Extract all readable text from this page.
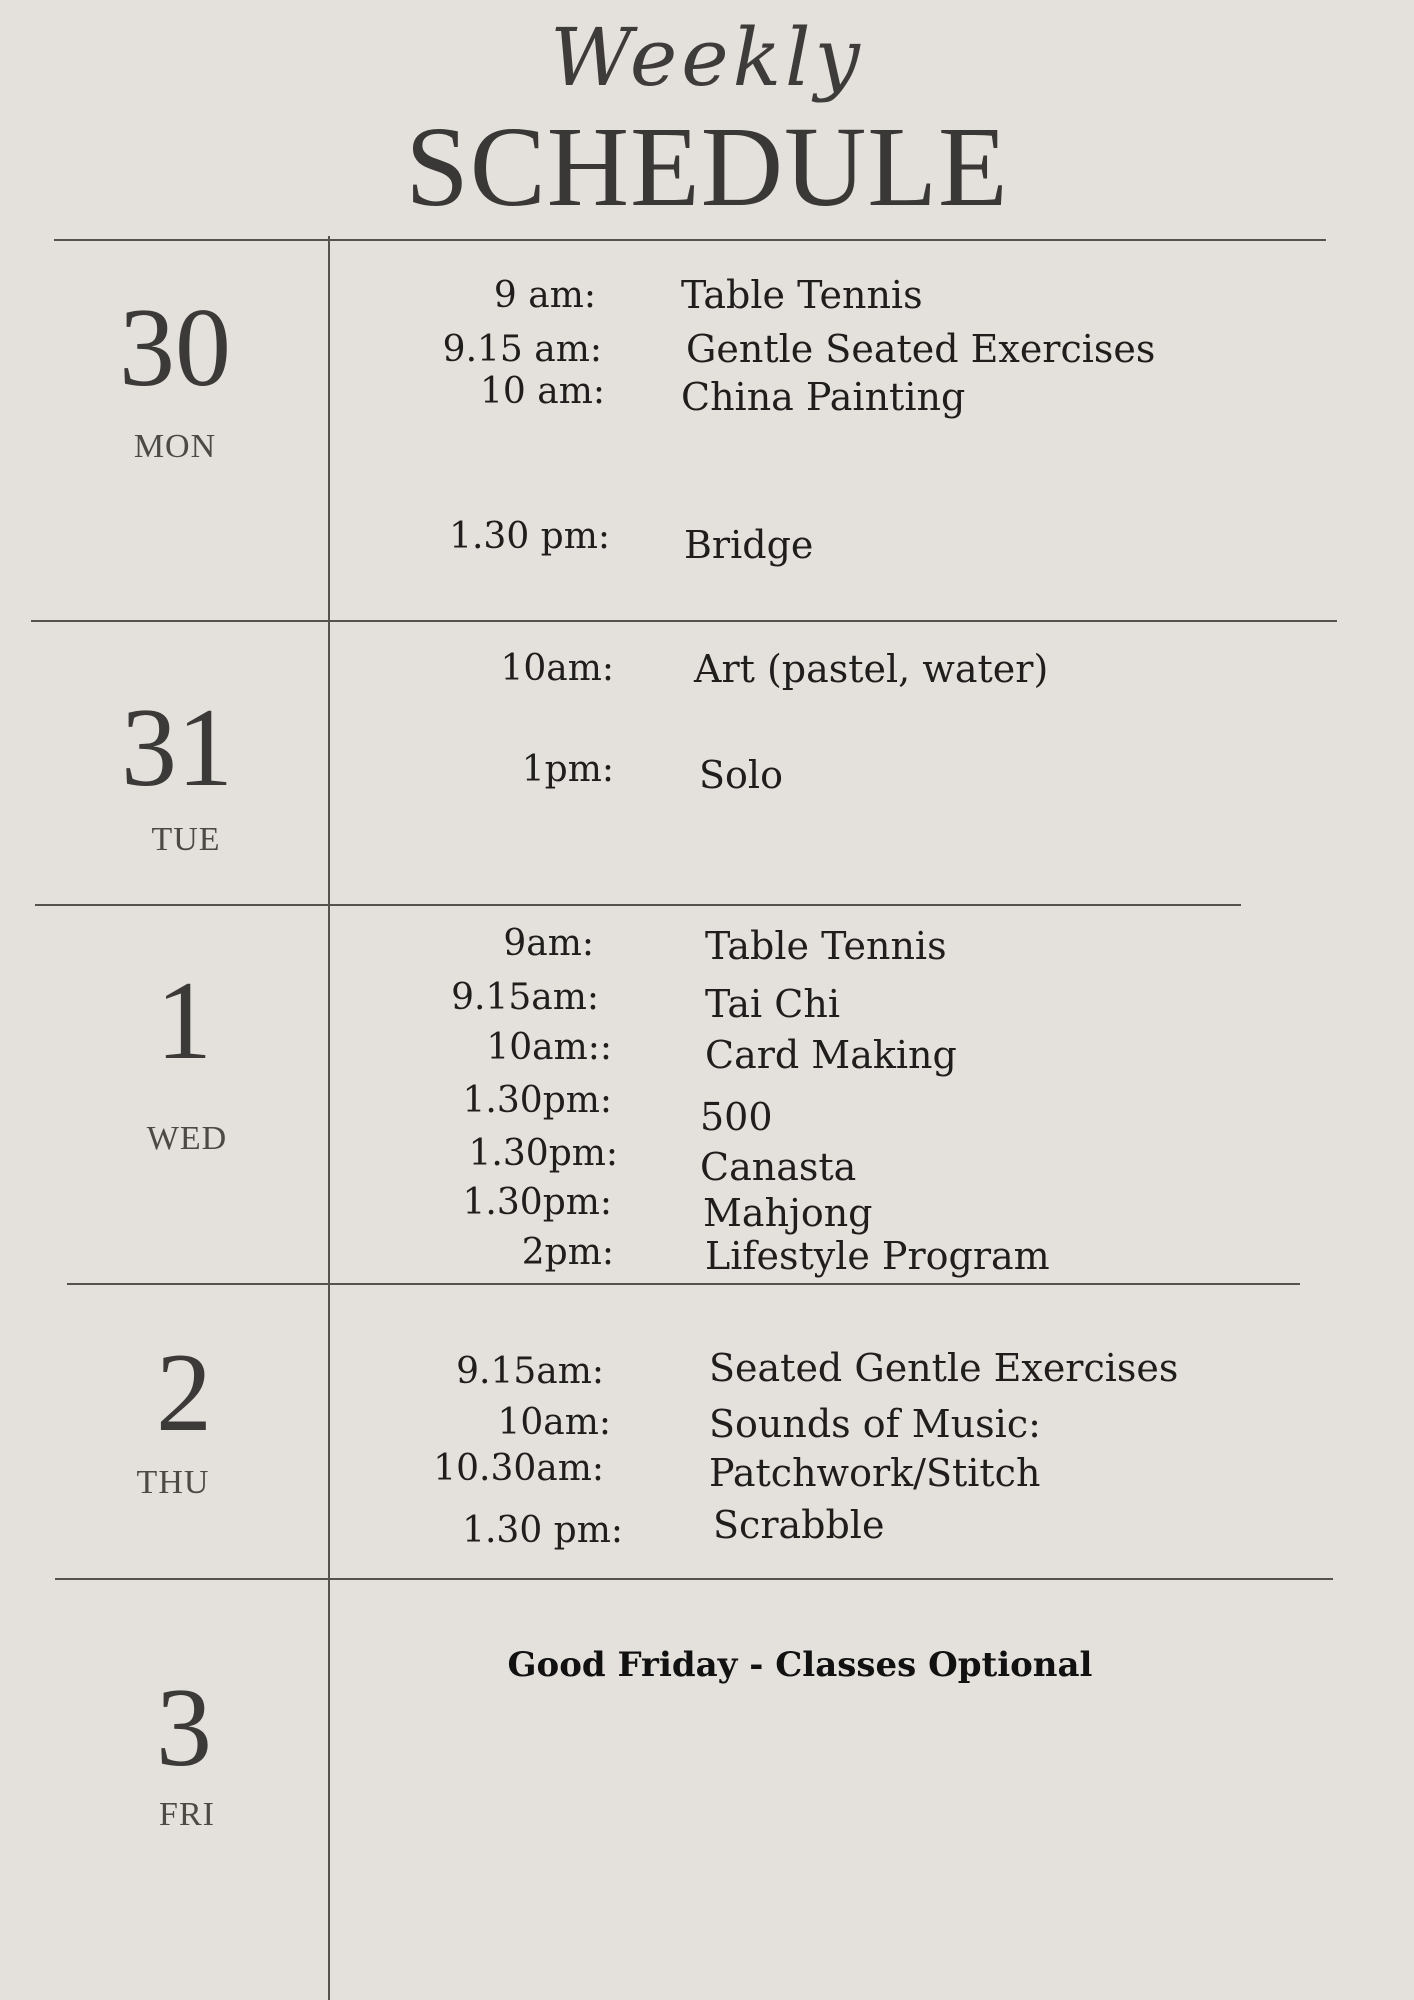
Weekly
SCHEDULE
30
MON
9 am: Table Tennis
9.15 am: Gentle Seated Exercises
10 am: China Painting
1.30 pm: Bridge
31
TUE
10am: Art (pastel, water)
1pm: Solo
1
WED
9am:	Table Tennis
9.15am:	Tai Chi
10am:: Card Making
1.30pm: 500
1.30pm: Canasta
1.30pm: Mahjong
2pm: Lifestyle Program
2
THU
9.15am:	Seated Gentle Exercises
10am:	Sounds of Music:
10.30am:	Patchwork/Stitch
1.30 pm: Scrabble
3
FRI
Good Friday - Classes Optional
